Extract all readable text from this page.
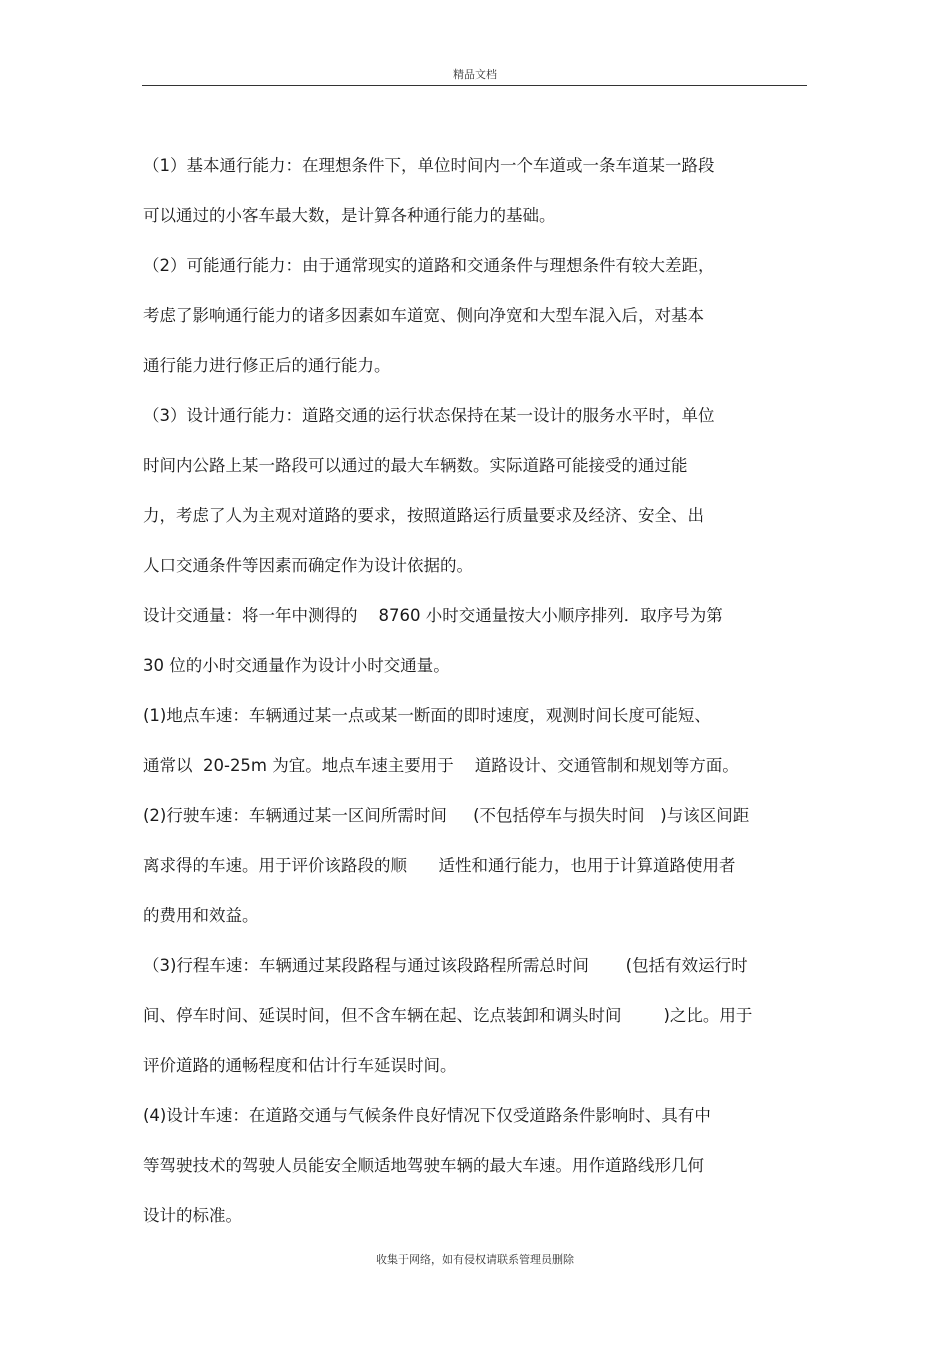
精品文档
（1）基本通行能力：在理想条件下，单位时间内一个车道或一条车道某一路段
可以通过的小客车最大数，是计算各种通行能力的基础。
（2）可能通行能力：由于通常现实的道路和交通条件与理想条件有较大差距，
考虑了影响通行能力的诸多因素如车道宽、侧向净宽和大型车混入后，对基本
通行能力进行修正后的通行能力。
（3）设计通行能力：道路交通的运行状态保持在某一设计的服务水平时，单位
时间内公路上某一路段可以通过的最大车辆数。实际道路可能接受的通过能
力，考虑了人为主观对道路的要求，按照道路运行质量要求及经济、安全、出
人口交通条件等因素而确定作为设计依据的。
设计交通量：将一年中测得的    8760 小时交通量按大小顺序排列．取序号为第
30 位的小时交通量作为设计小时交通量。
(1)地点车速：车辆通过某一点或某一断面的即时速度，观测时间长度可能短、
通常以  20-25m 为宜。地点车速主要用于    道路设计、交通管制和规划等方面。
(2)行驶车速：车辆通过某一区间所需时间     (不包括停车与损失时间   )与该区间距
离求得的车速。用于评价该路段的顺      适性和通行能力，也用于计算道路使用者
的费用和效益。
（3)行程车速：车辆通过某段路程与通过该段路程所需总时间       (包括有效运行时
间、停车时间、延误时间，但不含车辆在起、讫点装卸和调头时间        )之比。用于
评价道路的通畅程度和估计行车延误时间。
(4)设计车速：在道路交通与气候条件良好情况下仅受道路条件影响时、具有中
等驾驶技术的驾驶人员能安全顺适地驾驶车辆的最大车速。用作道路线形几何
设计的标准。
收集于网络，如有侵权请联系管理员删除
